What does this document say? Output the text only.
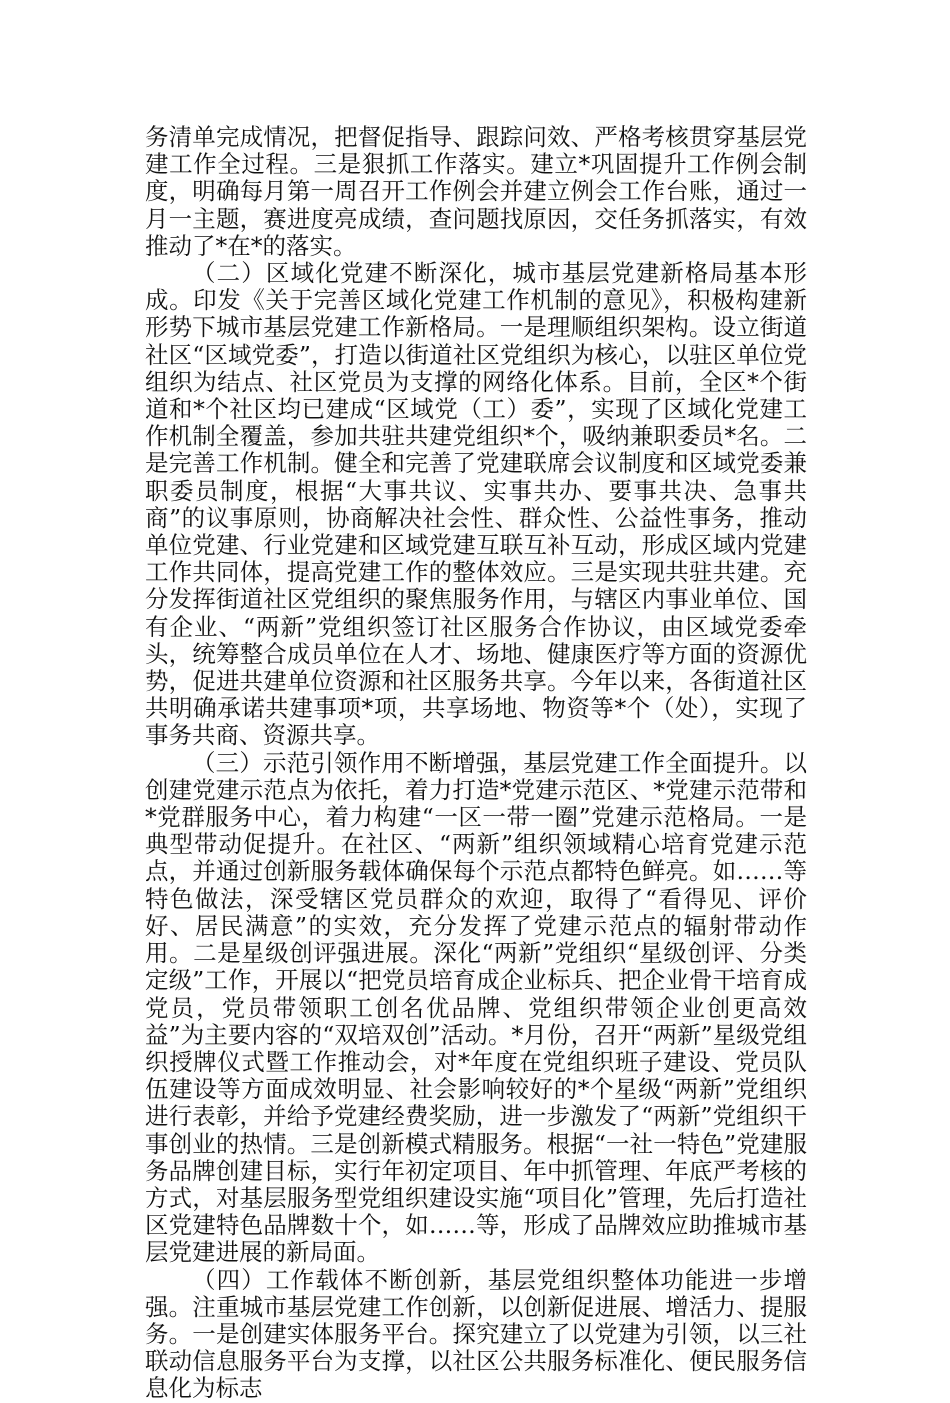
务清单完成情况，把督促指导、跟踪问效、严格考核贯穿基层党建工作全过程。三是狠抓工作落实。建立*巩固提升工作例会制度，明确每月第一周召开工作例会并建立例会工作台账，通过一月一主题，赛进度亮成绩，查问题找原因，交任务抓落实，有效推动了*在*的落实。

（二）区域化党建不断深化，城市基层党建新格局基本形成。印发《关于完善区域化党建工作机制的意见》，积极构建新形势下城市基层党建工作新格局。一是理顺组织架构。设立街道社区“区域党委”，打造以街道社区党组织为核心，以驻区单位党组织为结点、社区党员为支撑的网络化体系。目前，全区*个街道和*个社区均已建成“区域党（工）委”，实现了区域化党建工作机制全覆盖，参加共驻共建党组织*个，吸纳兼职委员*名。二是完善工作机制。健全和完善了党建联席会议制度和区域党委兼职委员制度，根据“大事共议、实事共办、要事共决、急事共商”的议事原则，协商解决社会性、群众性、公益性事务，推动单位党建、行业党建和区域党建互联互补互动，形成区域内党建工作共同体，提高党建工作的整体效应。三是实现共驻共建。充分发挥街道社区党组织的聚焦服务作用，与辖区内事业单位、国有企业、“两新”党组织签订社区服务合作协议，由区域党委牵头，统筹整合成员单位在人才、场地、健康医疗等方面的资源优势，促进共建单位资源和社区服务共享。今年以来，各街道社区共明确承诺共建事项*项，共享场地、物资等*个（处），实现了事务共商、资源共享。

（三）示范引领作用不断增强，基层党建工作全面提升。以创建党建示范点为依托，着力打造*党建示范区、*党建示范带和*党群服务中心，着力构建“一区一带一圈”党建示范格局。一是典型带动促提升。在社区、“两新”组织领域精心培育党建示范点，并通过创新服务载体确保每个示范点都特色鲜亮。如……等特色做法，深受辖区党员群众的欢迎，取得了“看得见、评价好、居民满意”的实效，充分发挥了党建示范点的辐射带动作用。二是星级创评强进展。深化“两新”党组织“星级创评、分类定级”工作，开展以“把党员培育成企业标兵、把企业骨干培育成党员，党员带领职工创名优品牌、党组织带领企业创更高效益”为主要内容的“双培双创”活动。*月份，召开“两新”星级党组织授牌仪式暨工作推动会，对*年度在党组织班子建设、党员队伍建设等方面成效明显、社会影响较好的*个星级“两新”党组织进行表彰，并给予党建经费奖励，进一步激发了“两新”党组织干事创业的热情。三是创新模式精服务。根据“一社一特色”党建服务品牌创建目标，实行年初定项目、年中抓管理、年底严考核的方式，对基层服务型党组织建设实施“项目化”管理，先后打造社区党建特色品牌数十个，如……等，形成了品牌效应助推城市基层党建进展的新局面。

（四）工作载体不断创新，基层党组织整体功能进一步增强。注重城市基层党建工作创新，以创新促进展、增活力、提服务。一是创建实体服务平台。探究建立了以党建为引领，以三社联动信息服务平台为支撑，以社区公共服务标准化、便民服务信息化为标志
